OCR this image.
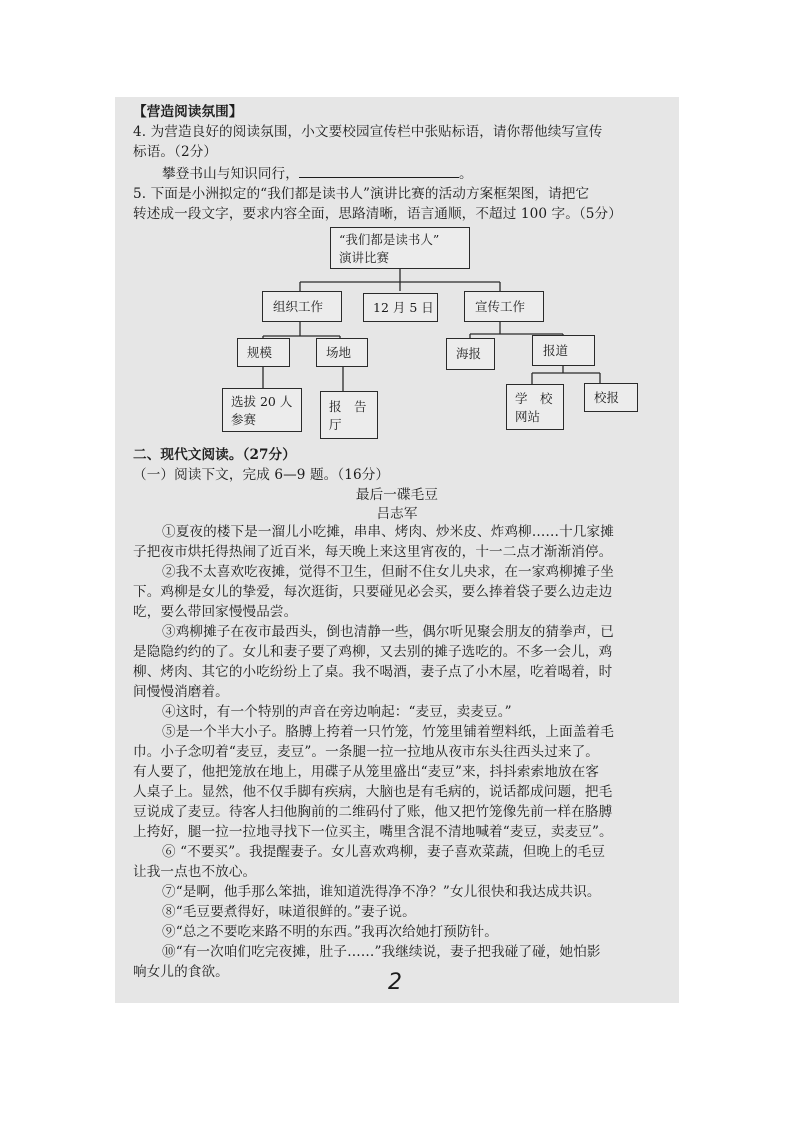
【营造阅读氛围】
4. 为营造良好的阅读氛围，小文要校园宣传栏中张贴标语，请你帮他续写宣传
标语。（2分）
攀登书山与知识同行，	。
5. 下面是小洲拟定的“我们都是读书人”演讲比赛的活动方案框架图，请把它
转述成一段文字，要求内容全面，思路清晰，语言通顺，不超过 100 字。（5分）
“我们都是读书人”
演讲比赛
组织工作	12 月 5 日	宣传工作
规模	场地	海报	报道
选拔 20 人
参赛
报　告
厅
学　校
网站
校报
二、现代文阅读。（27分）
（一）阅读下文，完成 6—9 题。（16分）
最后一碟毛豆
吕志军
①夏夜的楼下是一溜儿小吃摊，串串、烤肉、炒米皮、炸鸡柳……十几家摊
子把夜市烘托得热闹了近百米，每天晚上来这里宵夜的，十一二点才渐渐消停。
②我不太喜欢吃夜摊，觉得不卫生，但耐不住女儿央求，在一家鸡柳摊子坐
下。鸡柳是女儿的挚爱，每次逛街，只要碰见必会买，要么捧着袋子要么边走边
吃，要么带回家慢慢品尝。
③鸡柳摊子在夜市最西头，倒也清静一些，偶尔听见聚会朋友的猜拳声，已
是隐隐约约的了。女儿和妻子要了鸡柳，又去别的摊子选吃的。不多一会儿，鸡
柳、烤肉、其它的小吃纷纷上了桌。我不喝酒，妻子点了小木屋，吃着喝着，时
间慢慢消磨着。
④这时，有一个特别的声音在旁边响起：“麦豆，卖麦豆。”
⑤是一个半大小子。胳膊上挎着一只竹笼，竹笼里铺着塑料纸，上面盖着毛
巾。小子念叨着“麦豆，麦豆”。一条腿一拉一拉地从夜市东头往西头过来了。
有人要了，他把笼放在地上，用碟子从笼里盛出“麦豆”来，抖抖索索地放在客
人桌子上。显然，他不仅手脚有疾病，大脑也是有毛病的，说话都成问题，把毛
豆说成了麦豆。待客人扫他胸前的二维码付了账，他又把竹笼像先前一样在胳膊
上挎好，腿一拉一拉地寻找下一位买主，嘴里含混不清地喊着“麦豆，卖麦豆”。
⑥ “不要买”。我提醒妻子。女儿喜欢鸡柳，妻子喜欢菜蔬，但晚上的毛豆
让我一点也不放心。
⑦“是啊，他手那么笨拙，谁知道洗得净不净？”女儿很快和我达成共识。
⑧“毛豆要煮得好，味道很鲜的。”妻子说。
⑨“总之不要吃来路不明的东西。”我再次给她打预防针。
⑩“有一次咱们吃完夜摊，肚子……”我继续说，妻子把我碰了碰，她怕影
响女儿的食欲。	2
